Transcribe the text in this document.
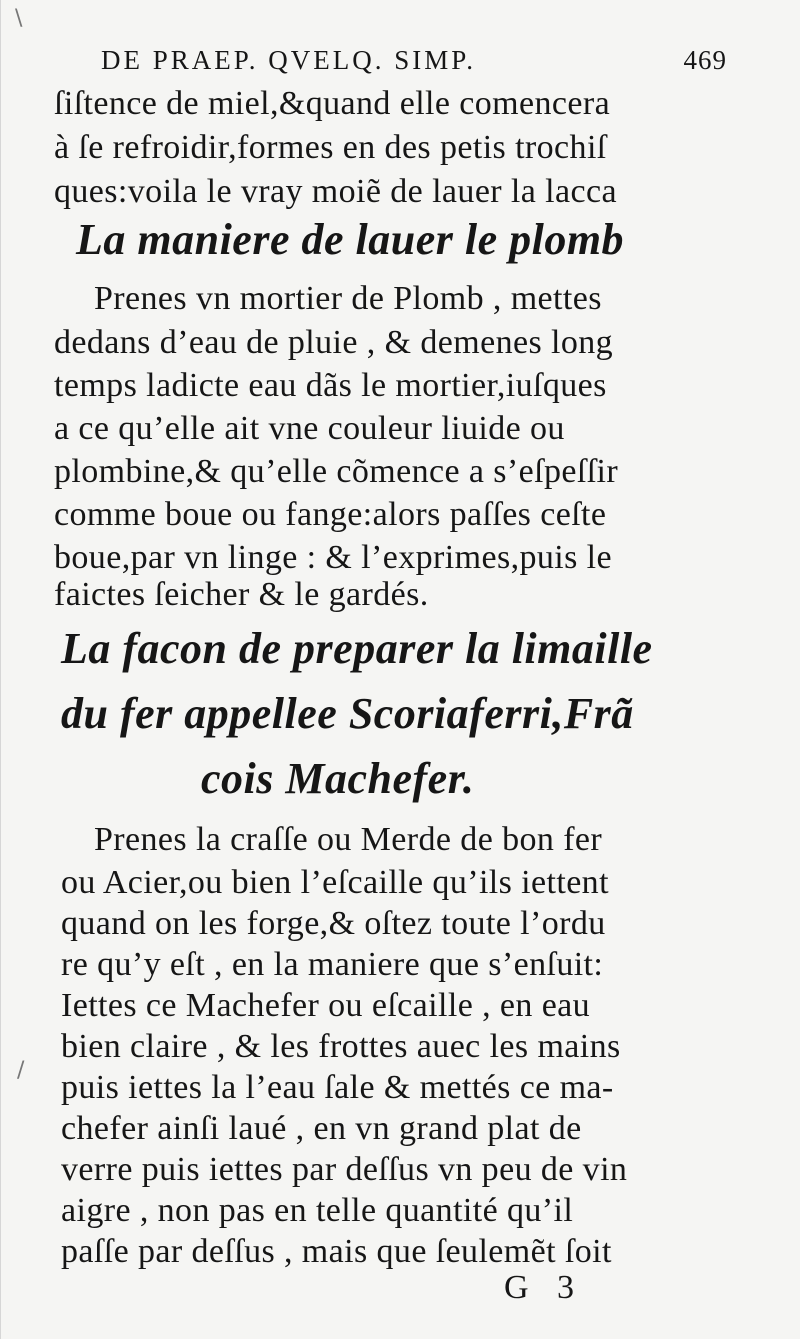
\
DE PRAEP. QVELQ. SIMP.	469

ſiſtence de miel,&quand elle comencera

à ſe refroidir,formes en des petis trochiſ

ques:voila le vray moiẽ de lauer la lacca

La maniere de lauer le plomb

Prenes vn mortier de Plomb , mettes

dedans d’eau de pluie , & demenes long

temps ladicte eau dãs le mortier,iuſques

a ce qu’elle ait vne couleur liuide ou

plombine,& qu’elle cõmence a s’eſpeſſir

comme boue ou fange:alors paſſes ceſte

boue,par vn linge : & l’exprimes,puis le

faictes ſeicher & le gardés.

La facon de preparer la limaille

du fer appellee Scoriaferri,Frã

cois Machefer.

Prenes la craſſe ou Merde de bon fer

ou Acier,ou bien l’eſcaille qu’ils iettent

quand on les forge,& oſtez toute l’ordu

re qu’y eſt , en la maniere que s’enſuit:

Iettes ce Machefer ou eſcaille , en eau

bien claire , & les frottes auec les mains

puis iettes la l’eau ſale & mettés ce ma-

chefer ainſi laué , en vn grand plat de

verre puis iettes par deſſus vn peu de vin

aigre , non pas en telle quantité qu’il

paſſe par deſſus , mais que ſeulemẽt ſoit

/
G 3
